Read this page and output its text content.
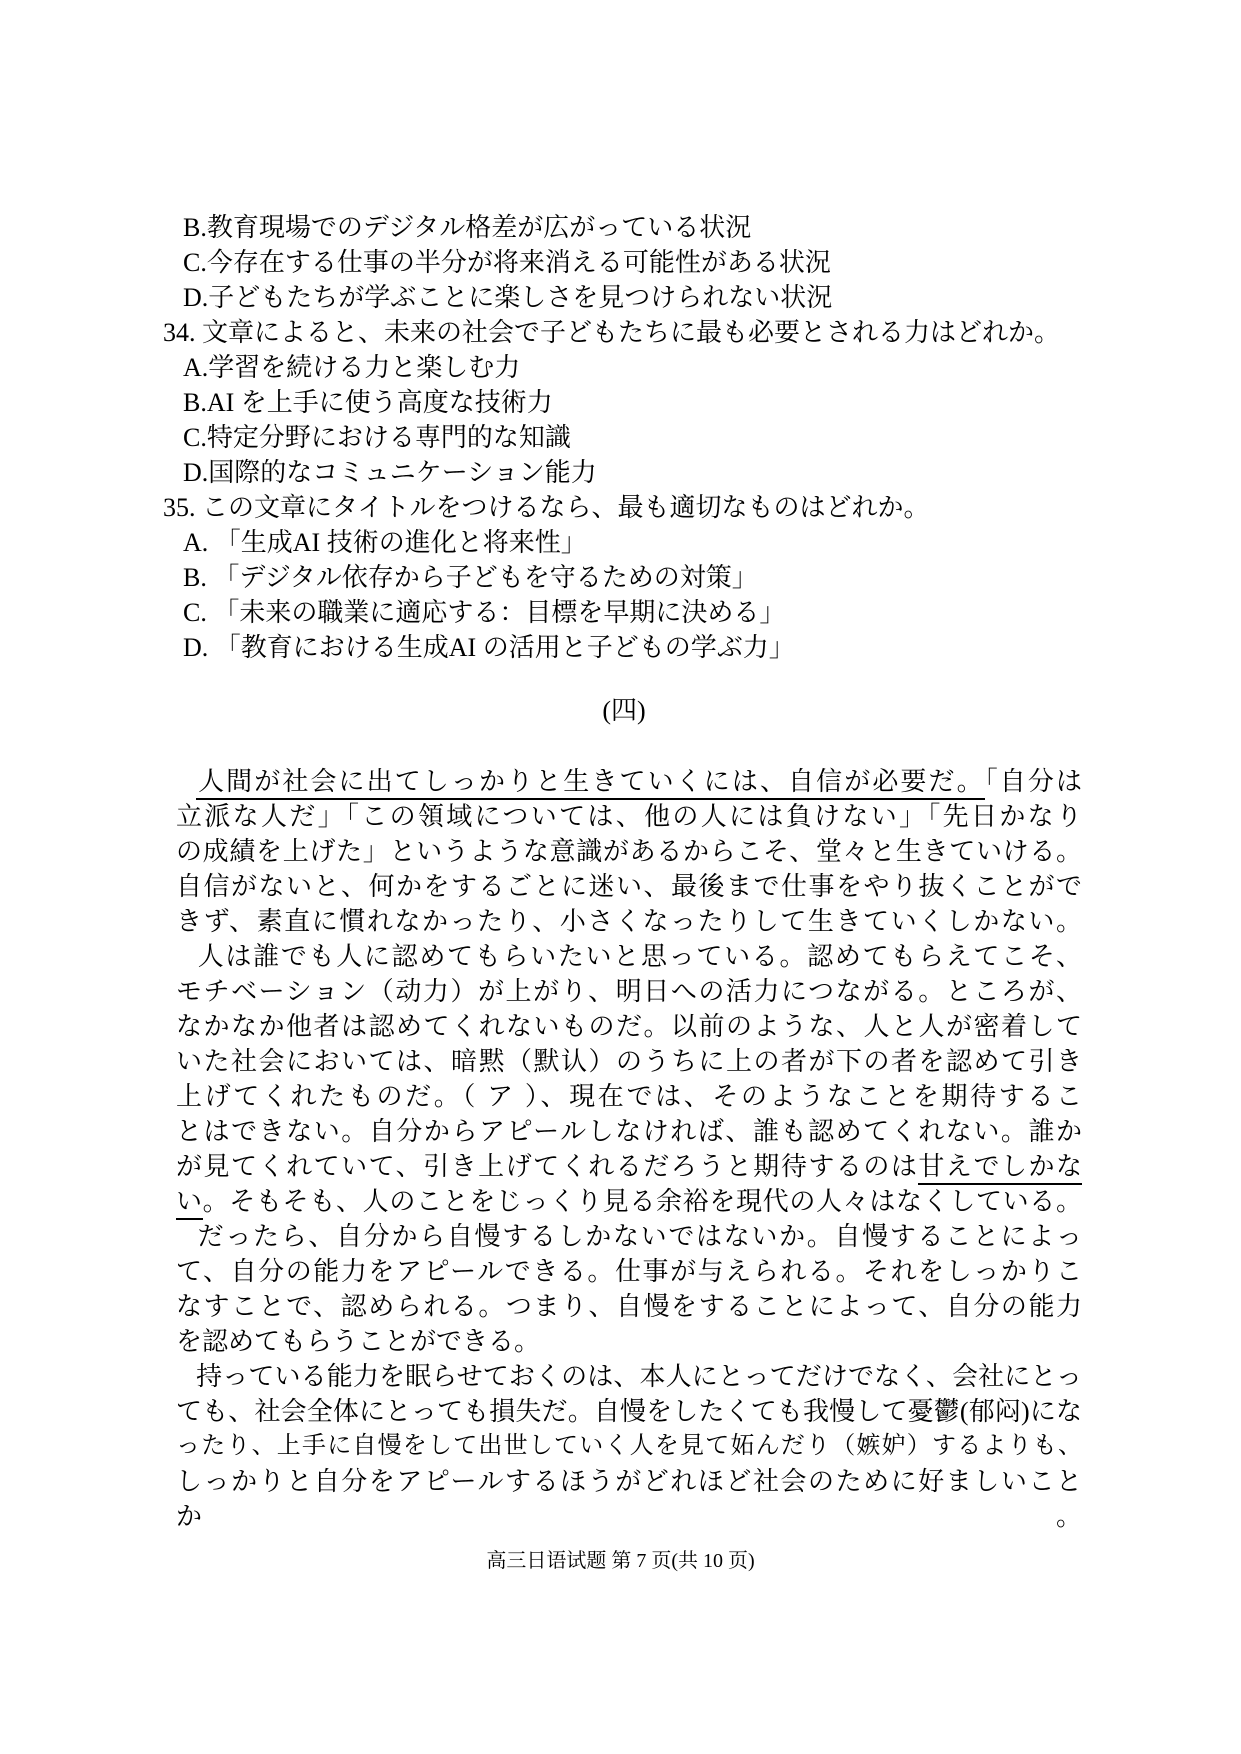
B.教育現場でのデジタル格差が広がっている状況
C.今存在する仕事の半分が将来消える可能性がある状況
D.子どもたちが学ぶことに楽しさを見つけられない状況
34. 文章によると、未来の社会で子どもたちに最も必要とされる力はどれか。
A.学習を続ける力と楽しむ力
B.AI を上手に使う高度な技術力
C.特定分野における専門的な知識
D.国際的なコミュニケーション能力
35. この文章にタイトルをつけるなら、最も適切なものはどれか。
A. 「生成AI 技術の進化と将来性」
B. 「デジタル依存から子どもを守るための対策」
C. 「未来の職業に適応する：目標を早期に決める」
D. 「教育における生成AI の活用と子どもの学ぶ力」
(四)
人間が社会に出てしっかりと生きていくには、自信が必要だ。「自分は
立派な人だ」「この領域については、他の人には負けない」「先日かなり
の成績を上げた」というような意識があるからこそ、堂々と生きていける。
自信がないと、何かをするごとに迷い、最後まで仕事をやり抜くことがで
きず、素直に慣れなかったり、小さくなったりして生きていくしかない。
人は誰でも人に認めてもらいたいと思っている。認めてもらえてこそ、
モチベーション（动力）が上がり、明日への活力につながる。ところが、
なかなか他者は認めてくれないものだ。以前のような、人と人が密着して
いた社会においては、暗黙（默认）のうちに上の者が下の者を認めて引き
上げてくれたものだ。（ ア ）、現在では、そのようなことを期待するこ
とはできない。自分からアピールしなければ、誰も認めてくれない。誰か
が見てくれていて、引き上げてくれるだろうと期待するのは甘えでしかな
い。そもそも、人のことをじっくり見る余裕を現代の人々はなくしている。
だったら、自分から自慢するしかないではないか。自慢することによっ
て、自分の能力をアピールできる。仕事が与えられる。それをしっかりこ
なすことで、認められる。つまり、自慢をすることによって、自分の能力
を認めてもらうことができる。
持っている能力を眠らせておくのは、本人にとってだけでなく、会社にとっ
ても、社会全体にとっても損失だ。自慢をしたくても我慢して憂鬱(郁闷)にな
ったり、上手に自慢をして出世していく人を見て妬んだり（嫉妒）するよりも、
しっかりと自分をアピールするほうがどれほど社会のために好ましいことか。
高三日语试题 第 7 页(共 10 页)
